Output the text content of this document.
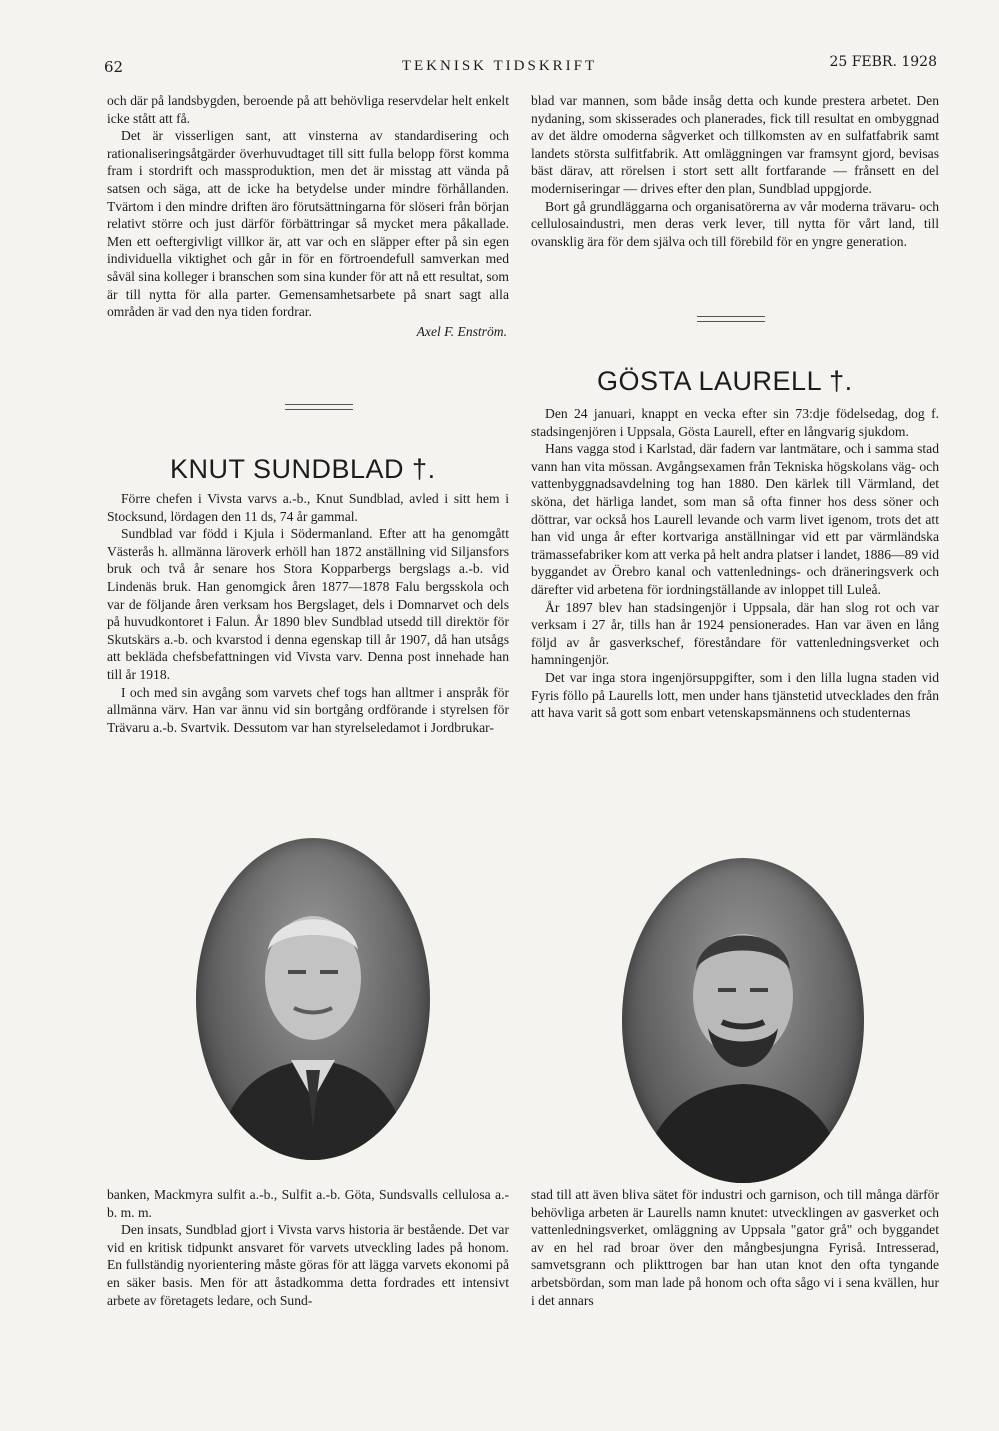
62	TEKNISK TIDSKRIFT	25 FEBR. 1928

och där på landsbygden, beroende på att behövliga reservdelar helt enkelt icke stått att få.

Det är visserligen sant, att vinsterna av standardisering och rationaliseringsåtgärder överhuvudtaget till sitt fulla belopp först komma fram i stordrift och massproduktion, men det är misstag att vända på satsen och säga, att de icke ha betydelse under mindre förhållanden. Tvärtom i den mindre driften äro förutsättningarna för slöseri från början relativt större och just därför förbättringar så mycket mera påkallade. Men ett oeftergivligt villkor är, att var och en släpper efter på sin egen individuella viktighet och går in för en förtroendefull samverkan med såväl sina kolleger i branschen som sina kunder för att nå ett resultat, som är till nytta för alla parter. Gemensamhetsarbete på snart sagt alla områden är vad den nya tiden fordrar.

Axel F. Enström.
KNUT SUNDBLAD †.

Förre chefen i Vivsta varvs a.-b., Knut Sundblad, avled i sitt hem i Stocksund, lördagen den 11 ds, 74 år gammal.

Sundblad var född i Kjula i Södermanland. Efter att ha genomgått Västerås h. allmänna läroverk erhöll han 1872 anställning vid Siljansfors bruk och två år senare hos Stora Kopparbergs bergslags a.-b. vid Lindenäs bruk. Han genomgick åren 1877—1878 Falu bergsskola och var de följande åren verksam hos Bergslaget, dels i Domnarvet och dels på huvudkontoret i Falun. År 1890 blev Sundblad utsedd till direktör för Skutskärs a.-b. och kvarstod i denna egenskap till år 1907, då han utsågs att bekläda chefsbefattningen vid Vivsta varv. Denna post innehade han till år 1918.

I och med sin avgång som varvets chef togs han alltmer i anspråk för allmänna värv. Han var ännu vid sin bortgång ordförande i styrelsen för Trävaru a.-b. Svartvik. Dessutom var han styrelseledamot i Jordbrukar-

blad var mannen, som både insåg detta och kunde prestera arbetet. Den nydaning, som skisserades och planerades, fick till resultat en ombyggnad av det äldre omoderna sågverket och tillkomsten av en sulfatfabrik samt landets största sulfitfabrik. Att omläggningen var framsynt gjord, bevisas bäst därav, att rörelsen i stort sett allt fortfarande — frånsett en del moderniseringar — drives efter den plan, Sundblad uppgjorde.

Bort gå grundläggarna och organisatörerna av vår moderna trävaru- och cellulosaindustri, men deras verk lever, till nytta för vårt land, till ovansklig ära för dem själva och till förebild för en yngre generation.

GÖSTA LAURELL †.

Den 24 januari, knappt en vecka efter sin 73:dje födelsedag, dog f. stadsingenjören i Uppsala, Gösta Laurell, efter en långvarig sjukdom.

Hans vagga stod i Karlstad, där fadern var lantmätare, och i samma stad vann han vita mössan. Avgångsexamen från Tekniska högskolans väg- och vattenbyggnadsavdelning tog han 1880. Den kärlek till Värmland, det sköna, det härliga landet, som man så ofta finner hos dess söner och döttrar, var också hos Laurell levande och varm livet igenom, trots det att han vid unga år efter kortvariga anställningar vid ett par värmländska trämassefabriker kom att verka på helt andra platser i landet, 1886—89 vid byggandet av Örebro kanal och vattenlednings- och dräneringsverk och därefter vid arbetena för iordningställande av inloppet till Luleå.

År 1897 blev han stadsingenjör i Uppsala, där han slog rot och var verksam i 27 år, tills han år 1924 pensionerades. Han var även en lång följd av år gasverkschef, föreståndare för vattenledningsverket och hamningenjör.

Det var inga stora ingenjörsuppgifter, som i den lilla lugna staden vid Fyris föllo på Laurells lott, men under hans tjänstetid utvecklades den från att hava varit så gott som enbart vetenskapsmännens och studenternas

banken, Mackmyra sulfit a.-b., Sulfit a.-b. Göta, Sundsvalls cellulosa a.-b. m. m.

Den insats, Sundblad gjort i Vivsta varvs historia är bestående. Det var vid en kritisk tidpunkt ansvaret för varvets utveckling lades på honom. En fullständig nyorientering måste göras för att lägga varvets ekonomi på en säker basis. Men för att åstadkomma detta fordrades ett intensivt arbete av företagets ledare, och Sund-

stad till att även bliva sätet för industri och garnison, och till många därför behövliga arbeten är Laurells namn knutet: utvecklingen av gasverket och vattenledningsverket, omläggning av Uppsala "gator grå" och byggandet av en hel rad broar över den mångbesjungna Fyriså. Intresserad, samvetsgrann och plikttrogen bar han utan knot den ofta tyngande arbetsbördan, som man lade på honom och ofta sågo vi i sena kvällen, hur i det annars
